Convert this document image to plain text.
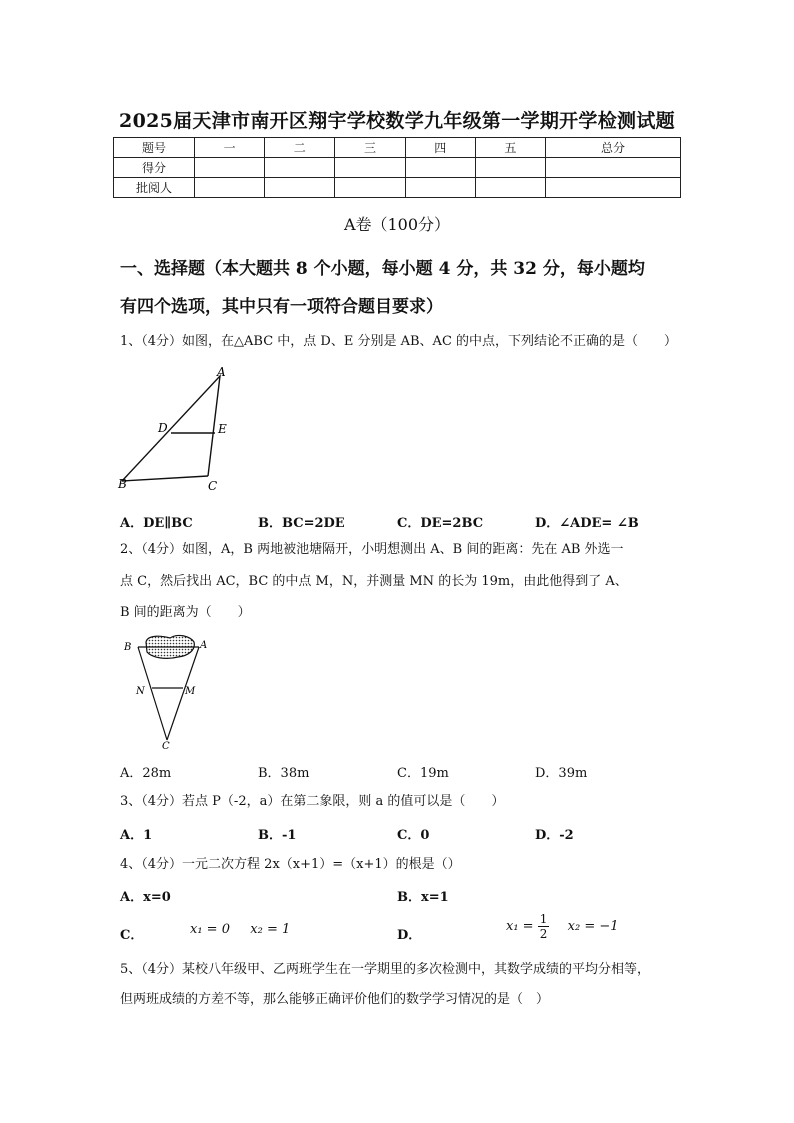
2025届天津市南开区翔宇学校数学九年级第一学期开学检测试题
题号	一	二	三	四	五	总分
得分						
批阅人						
A卷（100分）
一、选择题（本大题共 8 个小题，每小题 4 分，共 32 分，每小题均
有四个选项，其中只有一项符合题目要求）
1、（4分）如图，在△ABC 中，点 D、E 分别是 AB、AC 的中点，下列结论不正确的是（　　）
A
D	E
B	C
A．DE∥BC	B．BC=2DE	C．DE=2BC	D．∠ADE= ∠B
2、（4分）如图，A，B 两地被池塘隔开，小明想测出 A、B 间的距离：先在 AB 外选一
点 C，然后找出 AC，BC 的中点 M，N，并测量 MN 的长为 19m，由此他得到了 A、
B 间的距离为（　　）
B	A
N	M
C
A．28m	B．38m	C．19m	D．39m
3、（4分）若点 P（-2，a）在第二象限，则 a 的值可以是（　　）
A．1	B．-1	C．0	D．-2
4、（4分）一元二次方程 2x（x+1）=（x+1）的根是（）
A．x=0	B．x=1
C．	x₁ = 0 x₂ = 1	D．
$x_1 = \frac{1}{2} x_2 = -1$
5、（4分）某校八年级甲、乙两班学生在一学期里的多次检测中，其数学成绩的平均分相等，
但两班成绩的方差不等，那么能够正确评价他们的数学学习情况的是（　）
